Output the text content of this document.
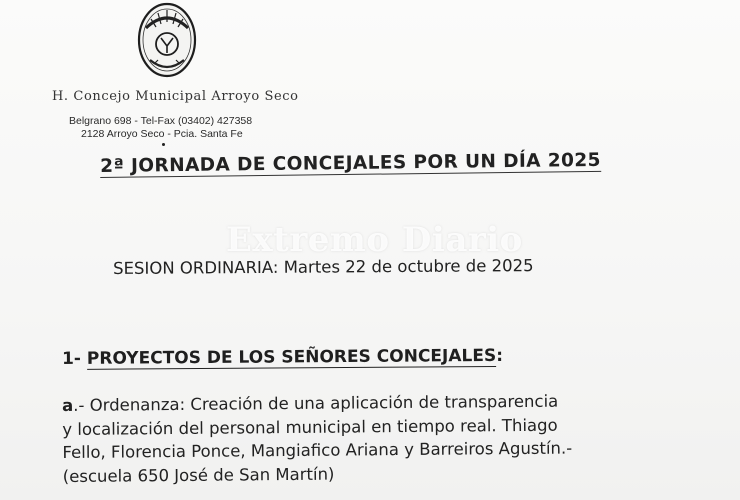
H. Concejo Municipal Arroyo Seco
Belgrano 698 - Tel-Fax (03402) 427358
2128 Arroyo Seco - Pcia. Santa Fe
2ª JORNADA DE CONCEJALES POR UN DÍA 2025
Extremo Diario
SESION ORDINARIA: Martes 22 de octubre de 2025
1- PROYECTOS DE LOS SEÑORES CONCEJALES:
a.- Ordenanza: Creación de una aplicación de transparencia
y localización del personal municipal en tiempo real. Thiago
Fello, Florencia Ponce, Mangiafico Ariana y Barreiros Agustín.-
(escuela 650 José de San Martín)
